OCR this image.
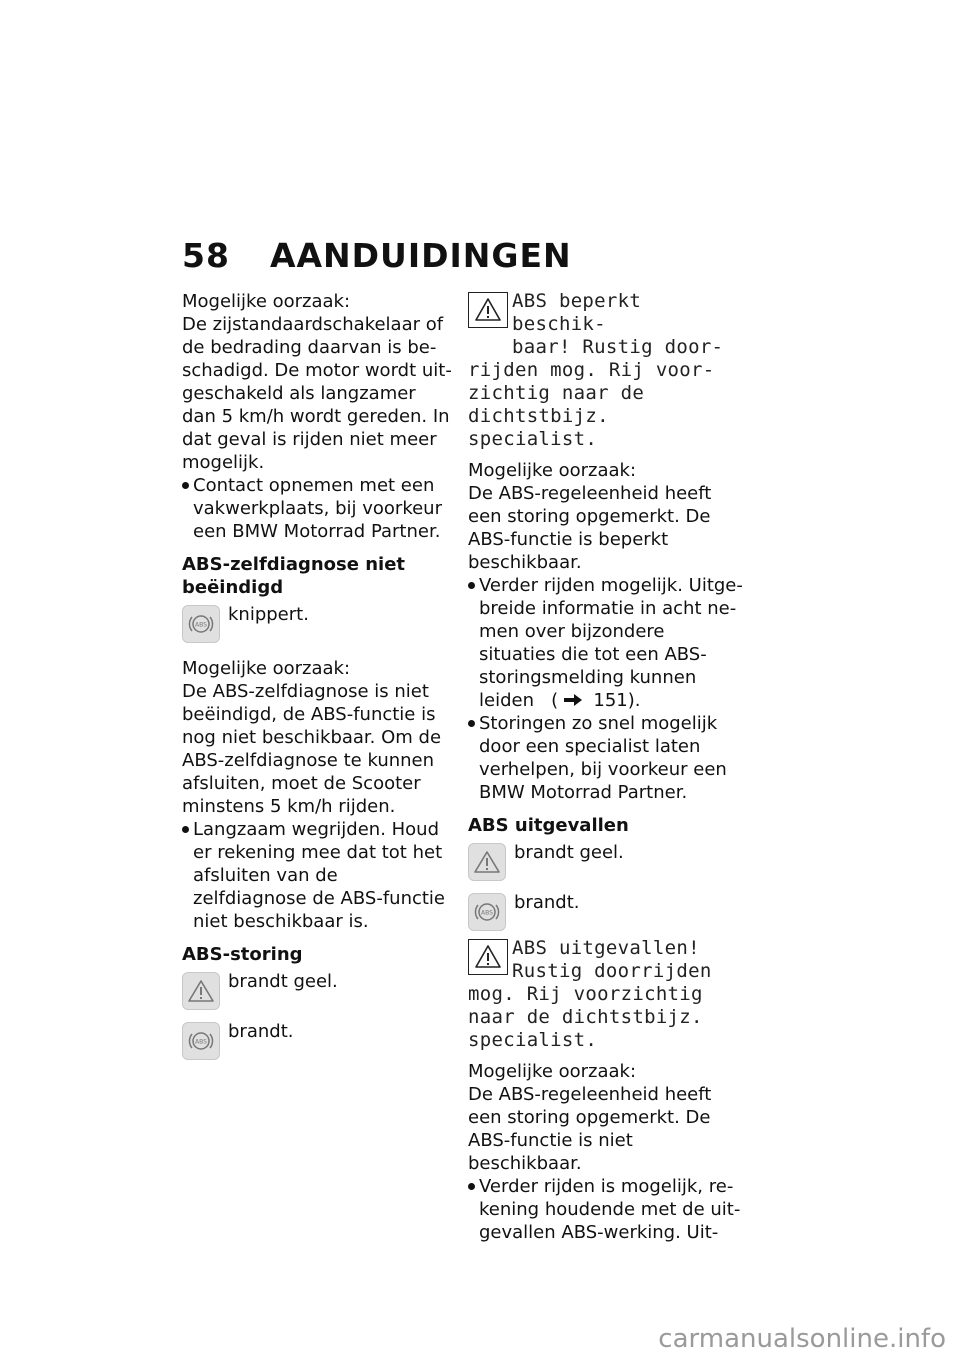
58 AANDUIDINGEN

Mogelijke oorzaak:

De zijstandaardschakelaar of de bedrading daarvan is beschadigd. De motor wordt uitgeschakeld als langzamer dan 5 km/h wordt gereden. In dat geval is rijden niet meer mogelijk.

Contact opnemen met een vakwerkplaats, bij voorkeur een BMW Motorrad Partner.

ABS-zelfdiagnose niet beëindigd

ABS	knippert.

Mogelijke oorzaak:

De ABS-zelfdiagnose is niet beëindigd, de ABS-functie is nog niet beschikbaar. Om de ABS-zelfdiagnose te kunnen afsluiten, moet de Scooter minstens 5 km/h rijden.

Langzaam wegrijden. Houd er rekening mee dat tot het afsluiten van de zelfdiagnose de ABS-functie niet beschikbaar is.

ABS-storing

brandt geel.

ABS	brandt.

ABS beperkt beschik-
baar! Rustig door-
rijden mog. Rij voorzichtig naar de dichtstbijz. specialist.

Mogelijke oorzaak:

De ABS-regeleenheid heeft een storing opgemerkt. De ABS-functie is beperkt beschikbaar.

Verder rijden mogelijk. Uitgebreide informatie in acht nemen over bijzondere situaties die tot een ABS-storingsmelding kunnen leiden   ( 151).

Storingen zo snel mogelijk door een specialist laten verhelpen, bij voorkeur een BMW Motorrad Partner.

ABS uitgevallen

brandt geel.

ABS	brandt.

ABS uitgevallen!
Rustig doorrijden
mog. Rij voorzichtig naar de dichtstbijz. specialist.

Mogelijke oorzaak:

De ABS-regeleenheid heeft een storing opgemerkt. De ABS-functie is niet beschikbaar.

Verder rijden is mogelijk, rekening houdende met de uitgevallen ABS-werking. Uit-

carmanualsonline.info
